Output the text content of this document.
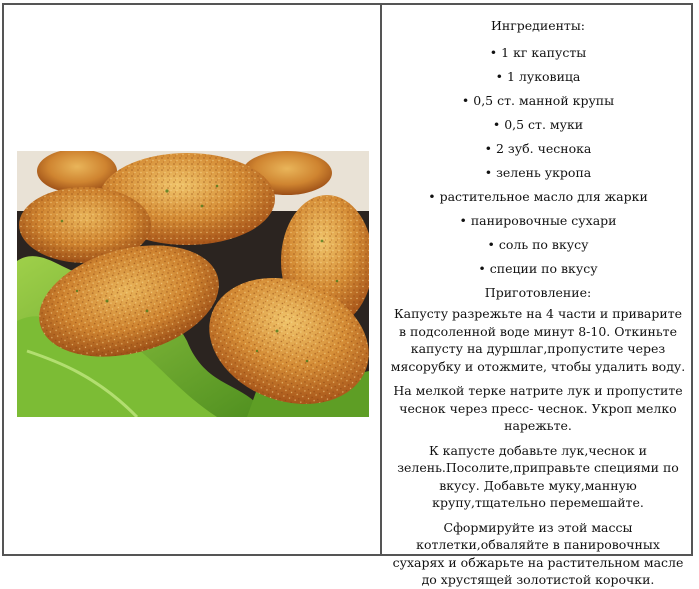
Ингредиенты:

• 1 кг капусты
• 1 луковица
• 0,5 ст. манной крупы
• 0,5 ст. муки
• 2 зуб. чеснока
• зелень укропа
• растительное масло для жарки
• панировочные сухари
• соль по вкусу
• специи по вкусу

Приготовление:

Капусту разрежьте на 4 части и приварите в подсоленной воде минут 8-10. Откиньте капусту на дуршлаг,пропустите через мясорубку и отожмите, чтобы удалить воду.

На мелкой терке натрите лук и пропустите чеснок через пресс- чеснок. Укроп мелко нарежьте.

К капусте добавьте лук,чеснок и зелень.Посолите,приправьте специями по вкусу. Добавьте муку,манную крупу,тщательно перемешайте.

Сформируйте из этой массы котлетки,обваляйте в панировочных сухарях и обжарьте на растительном масле до хрустящей золотистой корочки.
